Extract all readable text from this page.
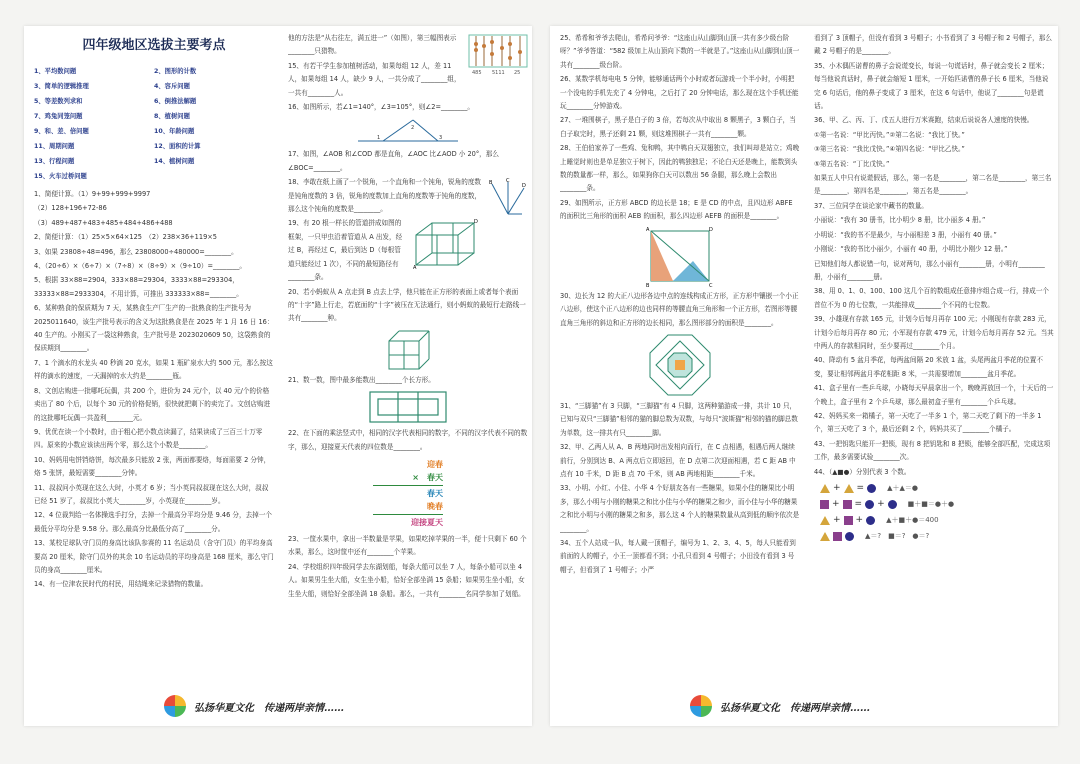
四年级地区选拔主要考点
1、平均数问题	2、图形的计数
3、简单的逻辑推理	4、容斥问题
5、等差数列求和	6、倒推法解题
7、鸡兔同笼问题	8、植树问题
9、和、差、倍问题	10、年龄问题
11、周期问题	12、面积的计算
13、行程问题	14、植树问题
15、火车过桥问题

1、简便计算。（1）9+99+999+9997

（2）128+196+72-86

（3）489+487+483+485+484+486+488

2、简便计算：（1）25×5×64×125　（2）238×36+119×5

3、如果 23808÷48=496，那么 23808000÷480000=________。

4、（20÷6）×（6÷7）×（7÷8）×（8÷9）×（9÷10）=________。

5、根据 33×88=2904，333×88=29304，3333×88=293304，33333×88=2933304，不用计算，可推出 333333×88=________。

6、某种熟食的保质期为 7 天，某熟食生产厂生产的一批熟食的生产批号为 2025011640，该生产批号表示的含义为这批熟食是在 2025 年 1 月 16 日 16：40 生产的。小刚买了一袋这种熟食，生产批号是 2023020609 50，这袋熟食的保质期到________。

7、1 个滴水的水龙头 40 秒滴 20 克水，如果 1 瓶矿泉水大约 500 元，那么按这样的滴水的速度，一天漏掉的水大约是________瓶。

8、文创店购进一批哪吒玩偶，共 200 个，进价为 24 元/个，以 40 元/个的价格卖出了 80 个后，以每个 30 元的价格促销，很快就把剩下的卖完了。文创店购进的这批哪吒玩偶一共盈利________元。

9、优优在读一个小数时，由于粗心把小数点读漏了，结果读成了三百三十万零四。原来的小数应该读出两个零，那么这个小数是________。

10、妈妈用电饼铛烙饼，每次最多只能放 2 张，两面都要烙，每面需要 2 分钟，烙 5 张饼，最短需要________分钟。

11、叔叔问小英现在这么大时，小英才 6 岁；当小英同叔叔现在这么大时，叔叔已经 51 岁了，叔叔比小英大________岁，小英现在________岁。

12、4 位裁判给一名体操选手打分，去掉一个最高分平均分是 9.46 分，去掉一个最低分平均分是 9.58 分。那么最高分比最低分高了________分。

13、某校足球队守门员的身高比该队参赛的 11 名运动员（含守门员）的平均身高要高 20 厘米，除守门员外的其余 10 名运动员的平均身高是 168 厘米，那么守门员的身高________厘米。

14、有一位津农民时代的村民，用结绳来记录猎物的数量。

485 5111 25

他的方法是“从右往左，满五进一”（如图），第三幅图表示________只猎物。

15、有若干学生参加植树活动，如果每组 12 人，差 11 人，如果每组 14 人，缺少 9 人，一共分成了________组，一共有________人。

16、如图所示，若∠1=140°，∠3=105°，则∠2=________。

1
2
3

17、如图，∠AOB 和∠COD 都是直角，∠AOC 比∠AOD 小 20°，那么∠BOC=________。

B	C
D

18、李敢在纸上画了一个锐角，一个直角和一个钝角，锐角的度数是钝角度数的 3 倍，锐角的度数加上直角的度数等于钝角的度数，那么这个钝角的度数是________。

A
D

19、有 20 根一样长的管道拼成如图的框架，一只甲虫沿着管道从 A 出发，经过 B，再经过 C，最后到达 D（每根管道只能经过 1 次），不同的最短路径有________条。

20、若小蚂蚁从 A 点走到 B 点去上学，他只能在正方形的表面上或者每个表面的“十字”路上行走，若底面的“十字”被压在无法通行，则小蚂蚁的最短行走路线一共有________种。

21、数一数，图中最多能数出________个长方形。

22、在下面的乘法竖式中，相同的汉字代表相同的数字，不同的汉字代表不同的数字，那么，迎接夏天代表的四位数是________。

迎春
×　春天
春天
晚春
迎接夏天

23、一筐水果中，拿出一半数量是苹果，如果吃掉苹果的一半，便十只剩下 60 个水果，那么，这时筐中还有________个苹果。

24、学校组织四年级同学去东湖划船，每条大船可以坐 7 人，每条小船可以坐 4 人。如果男生坐大船，女生坐小船，恰好全部坐满 15 条船；如果男生坐小船，女生坐大船，则恰好全部坐满 18 条船。那么，一共有________名同学参加了划船。

弘扬华夏文化　传递两岸亲情……

25、希希和爷爷去爬山，希希问爷爷：“这座山从山脚到山顶一共有多少级台阶呀？”爷爷答道：“582 级加上从山顶向下数的一半就是了。”这座山从山脚到山顶一共有________级台阶。

26、某数学机每电电 5 分钟，能够通话两个小时或者玩游戏一个半小时，小明把一个没电的手机先充了 4 分钟电，之后打了 20 分钟电话，那么现在这个手机还能玩________分钟游戏。

27、一堆围棋子，黑子是白子的 3 倍，若每次从中取出 8 颗黑子，3 颗白子，当白子取完时，黑子还剩 21 颗，则这堆围棋子一共有________颗。

28、王伯伯家养了一些鸡、兔和鸭，其中鸭自天双翅独立，我们叫却是站立；鸡晚上睡觉时则也是单足独立于树下，因此的鸭独独足；不论白天还是晚上，能数到头数的数量都一样，那么，如果狗你白天可以数出 56 条腿，那么晚上会数出________条。

29、如图所示，正方形 ABCD 的边长是 18；E 是 CD 的中点，且四边形 ABFE 的面积比三角形的面积 AEB 的面积，那么四边形 AEFB 的面积是________。

A	D
B	C

30、边长为 12 的大正八边形各边中点的连线构成正方形，正方形中镶嵌一个小正八边形，使这个正八边形的边也同样的等腰直角三角形和一个正方形，若图形等腰直角三角形的斜边和正方形的边长相同，那么图形部分的面积是________。

31、“三脚猫”有 3 只脚，“三脚猫”有 4 只脚，这两种猫游成一排，共计 10 只，已知与双只“三脚猫”相邻的猫的脚总数为双数，与每只“波斯猫”相邻的猫的脚总数为单数，这一排共有只________脚。

32、甲、乙两人从 A、B 两地同时出发相向而行，在 C 点相遇，相遇后两人继续前行，分别到达 B、A 两点后立即返回，在 D 点第二次迎面相遇，若 C 距 AB 中点有 10 千米，D 距 B 点 70 千米，则 AB 两地相距________千米。

33、小明、小红、小佳、小华 4 个好朋友各有一些糖果，如果小佳的糖果比小明多，那么小明与小刚的糖果之和比小佳与小华的糖果之和少，而小佳与小华的糖果之和比小明与小刚的糖果之和多，那么这 4 个人的糖果数量从高到低的顺序依次是________。

34、五个人站成一队，每人戴一顶帽子，编号为 1、2、3、4、5，每人只能看到前面的人的帽子，小王一顶都看不到；小孔只看到 4 号帽子；小田没有看到 3 号帽子，但看到了 1 号帽子；小严

看到了 3 顶帽子，但没有看到 3 号帽子；小书看到了 3 号帽子和 2 号帽子，那么戴 2 号帽子的是________。

35、小木偶匹诺曹的鼻子会说谎变长，每说一句谎话时，鼻子就会变长 2 厘米；每当他说真话时，鼻子就会缩短 1 厘米，一开始匹诺曹的鼻子长 6 厘米，当他说完 6 句话后，他的鼻子变成了 3 厘米，在这 6 句话中，他说了________句是谎话。

36、甲、乙、丙、丁、戊五人进行万米赛跑，结束后说说各人速度的快慢。

①第一名说：“甲比丙快。”②第二名说：“我比丁快。”

③第三名说：“我比戊快。”④第四名说：“甲比乙快。”

⑤第五名说：“丁比戊快。”

如果五人中只有说谎假话，那么，第一名是________，第二名是________，第三名是________，第四名是________，第五名是________。

37、三位同学在谈论家中藏书的数量。

小丽说：“我有 30 册书，比小明少 8 册，比小丽多 4 册。”

小明说：“我的书不是最少，与小丽相差 3 册，小丽有 40 册。”

小刚说：“我的书比小丽少，小丽有 40 册，小明比小刚少 12 册。”

已知他们每人都说错一句，说对两句，那么小丽有________册，小明有________册，小丽有________册。

38、用 0、1、0、100、100 这几个百的数组成任意排序组合成一行，排成一个首位不为 0 的七位数，一共能排成________个不同的七位数。

39、小雄现有存款 165 元，计划今后每月再存 100 元；小刚现有存款 283 元，计划今后每月再存 80 元；小军现有存款 479 元，计划今后每月再存 52 元。当其中两人的存款相同时，至少要再过________个月。

40、降动有 5 盆月季花，每两盆间隔 20 米放 1 盆，头尾两盆月季花的位置不变，要让相邻两盆月季花相距 8 米，一共需要增加________盆月季花。

41、盒子里有一些乒乓球，小晓每天早晨拿出一个，晚晚再放回一个，十天后的一个晚上，盒子里有 2 个乒乓球，那么最初盒子里有________个乒乓球。

42、妈妈买来一箱橘子，第一天吃了一半多 1 个，第二天吃了剩下的一半多 1 个，第三天吃了 3 个，最后还剩 2 个，妈妈共买了________个橘子。

43、一把钥匙只能开一把锁，现有 8 把钥匙和 8 把锁，能够全部匹配，完成这项工作，最多需要试验________次。

44、（▲■●）分别代表 3 个数。

+ =	▲＋▲＝●
+ = +	■＋■＝●＋●
+ +	▲＋■＋●＝400
▲＝?　■＝?　●＝?
弘扬华夏文化　传递两岸亲情……
